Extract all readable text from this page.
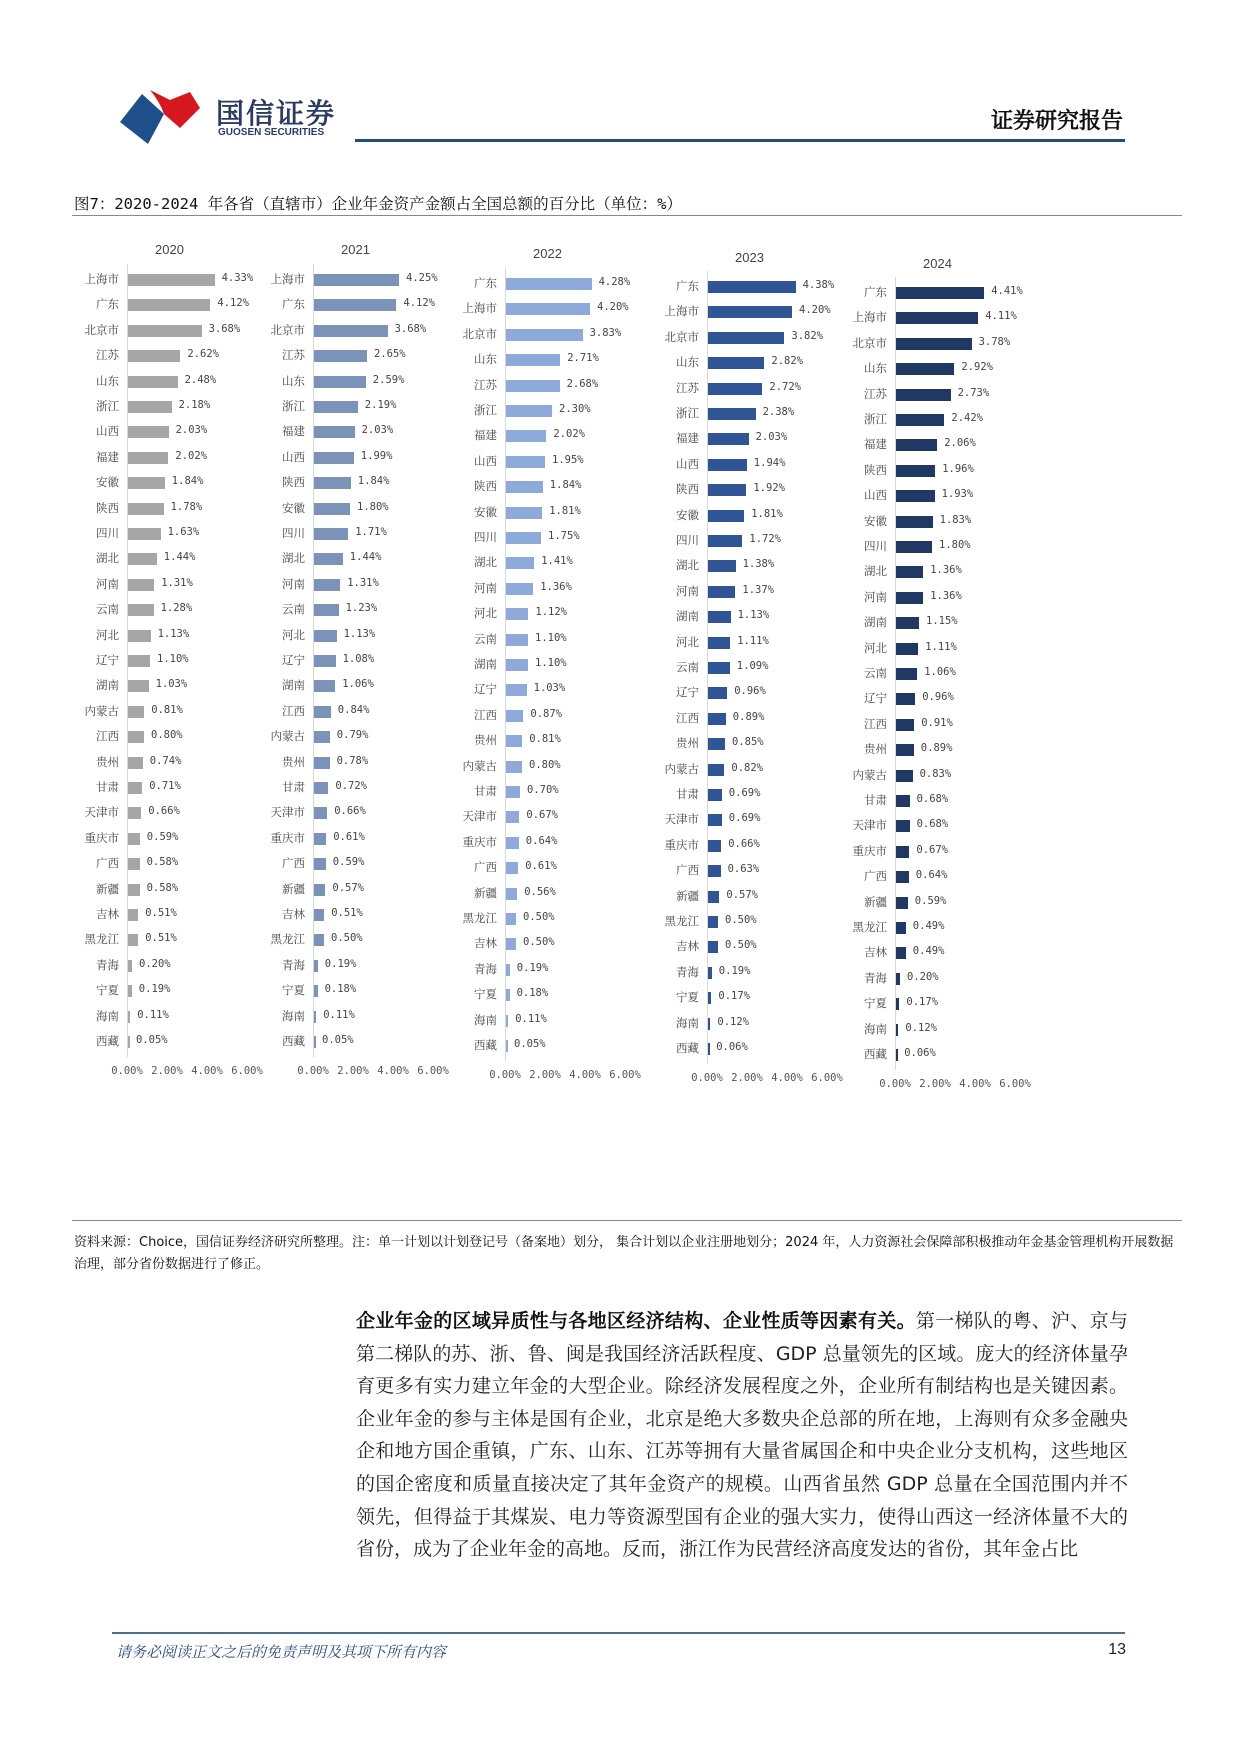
国信证券
GUOSEN SECURITIES	证券研究报告
图7：2020-2024 年各省（直辖市）企业年金资产金额占全国总额的百分比（单位：%）
2020
上海市	4.33%
广东	4.12%
北京市	3.68%
江苏	2.62%
山东	2.48%
浙江	2.18%
山西	2.03%
福建	2.02%
安徽	1.84%
陕西	1.78%
四川	1.63%
湖北	1.44%
河南	1.31%
云南	1.28%
河北	1.13%
辽宁	1.10%
湖南	1.03%
内蒙古	0.81%
江西	0.80%
贵州	0.74%
甘肃	0.71%
天津市	0.66%
重庆市	0.59%
广西	0.58%
新疆	0.58%
吉林 0.51%
黑龙江 0.51%
青海 0.20%
宁夏 0.19%
海南 0.11%
西藏 0.05%
0.00% 2.00% 4.00% 6.00%
2021
上海市	4.25%
广东	4.12%
北京市	3.68%
江苏	2.65%
山东	2.59%
浙江	2.19%
福建	2.03%
山西	1.99%
陕西	1.84%
安徽	1.80%
四川	1.71%
湖北	1.44%
河南	1.31%
云南	1.23%
河北	1.13%
辽宁	1.08%
湖南	1.06%
江西	0.84%
内蒙古	0.79%
贵州	0.78%
甘肃	0.72%
天津市	0.66%
重庆市	0.61%
广西	0.59%
新疆	0.57%
吉林 0.51%
黑龙江 0.50%
青海 0.19%
宁夏 0.18%
海南 0.11%
西藏 0.05%
0.00% 2.00% 4.00% 6.00%
2022
广东	4.28%
上海市	4.20%
北京市	3.83%
山东	2.71%
江苏	2.68%
浙江	2.30%
福建	2.02%
山西	1.95%
陕西	1.84%
安徽	1.81%
四川	1.75%
湖北	1.41%
河南	1.36%
河北	1.12%
云南	1.10%
湖南	1.10%
辽宁	1.03%
江西	0.87%
贵州	0.81%
内蒙古	0.80%
甘肃	0.70%
天津市	0.67%
重庆市	0.64%
广西	0.61%
新疆	0.56%
黑龙江 0.50%
吉林 0.50%
青海 0.19%
宁夏 0.18%
海南 0.11%
西藏 0.05%
0.00% 2.00% 4.00% 6.00%
2023
广东	4.38%
上海市	4.20%
北京市	3.82%
山东	2.82%
江苏	2.72%
浙江	2.38%
福建	2.03%
山西	1.94%
陕西	1.92%
安徽	1.81%
四川	1.72%
湖北	1.38%
河南	1.37%
湖南	1.13%
河北	1.11%
云南	1.09%
辽宁	0.96%
江西	0.89%
贵州	0.85%
内蒙古	0.82%
甘肃	0.69%
天津市	0.69%
重庆市	0.66%
广西	0.63%
新疆	0.57%
黑龙江 0.50%
吉林 0.50%
青海 0.19%
宁夏 0.17%
海南 0.12%
西藏 0.06%
0.00% 2.00% 4.00% 6.00%
2024
广东	4.41%
上海市	4.11%
北京市	3.78%
山东	2.92%
江苏	2.73%
浙江	2.42%
福建	2.06%
陕西	1.96%
山西	1.93%
安徽	1.83%
四川	1.80%
湖北	1.36%
河南	1.36%
湖南	1.15%
河北	1.11%
云南	1.06%
辽宁	0.96%
江西	0.91%
贵州	0.89%
内蒙古	0.83%
甘肃	0.68%
天津市	0.68%
重庆市	0.67%
广西	0.64%
新疆	0.59%
黑龙江 0.49%
吉林 0.49%
青海 0.20%
宁夏 0.17%
海南 0.12%
西藏 0.06%
0.00% 2.00% 4.00% 6.00%
资料来源：Choice，国信证券经济研究所整理。注：单一计划以计划登记号（备案地）划分， 集合计划以企业注册地划分；2024 年，人力资源社会保障部积极推动年金基金管理机构开展数据治理，部分省份数据进行了修正。
企业年金的区域异质性与各地区经济结构、企业性质等因素有关。第一梯队的粤、沪、京与第二梯队的苏、浙、鲁、闽是我国经济活跃程度、GDP 总量领先的区域。庞大的经济体量孕育更多有实力建立年金的大型企业。除经济发展程度之外，企业所有制结构也是关键因素。企业年金的参与主体是国有企业，北京是绝大多数央企总部的所在地，上海则有众多金融央企和地方国企重镇，广东、山东、江苏等拥有大量省属国企和中央企业分支机构，这些地区的国企密度和质量直接决定了其年金资产的规模。山西省虽然 GDP 总量在全国范围内并不领先，但得益于其煤炭、电力等资源型国有企业的强大实力，使得山西这一经济体量不大的省份，成为了企业年金的高地。反而，浙江作为民营经济高度发达的省份，其年金占比
请务必阅读正文之后的免责声明及其项下所有内容	13
